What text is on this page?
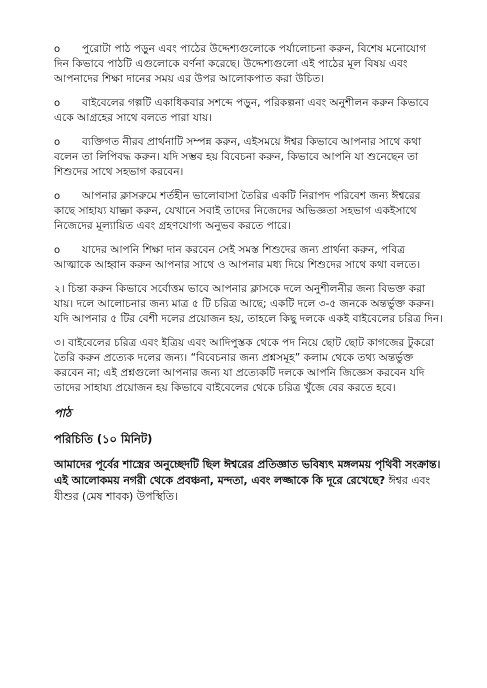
o পুরোটা পাঠ পড়ুন এবং পাঠের উদ্দেশ্যগুলোকে পর্যালোচনা করুন, বিশেষ মনোযোগ দিন কিভাবে পাঠটি এগুলোকে বর্ণনা করেছে। উদ্দেশ্যগুলো এই পাঠের মূল বিষয় এবং আপনাদের শিক্ষা দানের সময় এর উপর আলোকপাত করা উচিত।

o বাইবেলের গল্পটি একাধিকবার সশব্দে পড়ুন, পরিকল্পনা এবং অনুশীলন করুন কিভাবে একে আগ্রহের সাথে বলতে পারা যায়।

o ব্যক্তিগত নীরব প্রার্থনাটি সম্পন্ন করুন, এইসময়ে ঈশ্বর কিভাবে আপনার সাথে কথা বলেন তা লিপিবদ্ধ করুন। যদি সম্ভব হয় বিবেচনা করুন, কিভাবে আপনি যা শুনেছেন তা শিশুদের সাথে সহভাগ করবেন।

o আপনার ক্লাসরুমে শর্তহীন ভালোবাসা তৈরির একটি নিরাপদ পরিবেশ জন্য ঈশ্বরের কাছে সাহায্য যাচ্ঞা করুন, যেখানে সবাই তাদের নিজেদের অভিজ্ঞতা সহভাগ একইসাথে নিজেদের মূল্যায়িত এবং গ্রহণযোগ্য অনুভব করতে পারে।

o যাদের আপনি শিক্ষা দান করবেন সেই সমস্ত শিশুদের জন্য প্রার্থনা করুন, পবিত্র আত্মাকে আহ্বান করুন আপনার সাথে ও আপনার মধ্য দিয়ে শিশুদের সাথে কথা বলতে।

২। চিন্তা করুন কিভাবে সর্বোত্তম ভাবে আপনার ক্লাসকে দলে অনুশীলনীর জন্য বিভক্ত করা যায়। দলে আলোচনার জন্য মাত্র ৫ টি চরিত্র আছে; একটি দলে ৩-৫ জনকে অন্তর্ভুক্ত করুন। যদি আপনার ৫ টির বেশী দলের প্রয়োজন হয়, তাহলে কিছু দলকে একই বাইবেলের চরিত্র দিন।

৩। বাইবেলের চরিত্র এবং ইত্রিয় এবং আদিপুস্তক থেকে পদ নিয়ে ছোট ছোট কাগজের টুকরো তৈরি করুন প্রত্যেক দলের জন্য। “বিবেচনার জন্য প্রশ্নসমূহ” কলাম থেকে তথ্য অন্তর্ভুক্ত করবেন না; এই প্রশ্নগুলো আপনার জন্য যা প্রত্যেকটি দলকে আপনি জিজ্ঞেস করবেন যদি তাদের সাহায্য প্রয়োজন হয় কিভাবে বাইবেলের থেকে চরিত্র খুঁজে বের করতে হবে।

পাঠ
পরিচিতি (১০ মিনিট)

আমাদের পূর্বের শাস্ত্রের অনুচ্ছেদটি ছিল ঈশ্বরের প্রতিজ্ঞাত ভবিষ্যৎ মঙ্গলময় পৃথিবী সংক্রান্ত। এই আলোকময় নগরী থেকে প্রবঞ্চনা, মন্দতা, এবং লজ্জাকে কি দূরে রেখেছে? ঈশ্বর এবং যীশুর (মেষ শাবক) উপস্থিতি।
